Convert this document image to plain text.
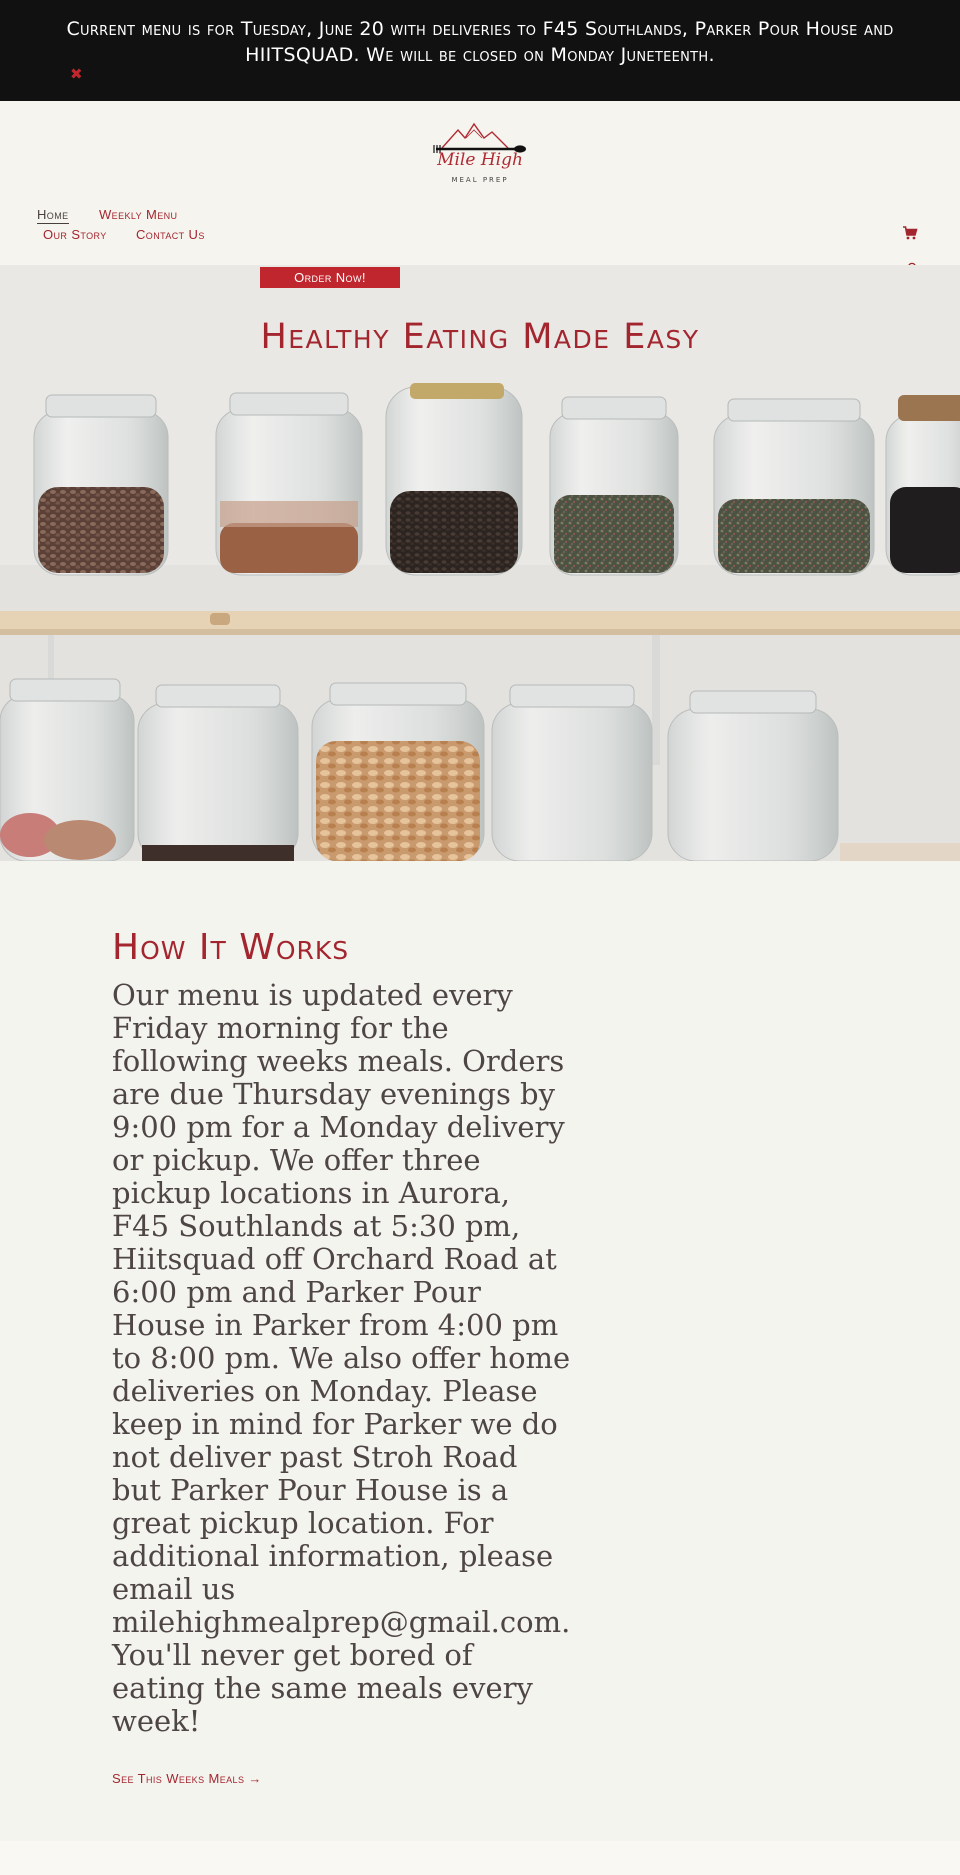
Current menu is for Tuesday, June 20 with deliveries to F45 Southlands, Parker Pour House and HIITSQUAD. We will be closed on Monday Juneteenth.
✖
Mile High
MEAL PREP
Home Weekly Menu
Our Story Contact Us
Order Now!
Healthy Eating Made Easy
How It Works
Our menu is updated every Friday morning for the following weeks meals. Orders are due Thursday evenings by 9:00 pm for a Monday delivery or pickup. We offer three pickup locations in Aurora, F45 Southlands at 5:30 pm, Hiitsquad off Orchard Road at 6:00 pm and Parker Pour House in Parker from 4:00 pm to 8:00 pm. We also offer home deliveries on Monday. Please keep in mind for Parker we do not deliver past Stroh Road but Parker Pour House is a great pickup location. For additional information, please email us milehighmealprep@gmail.com. You'll never get bored of eating the same meals every week!
See This Weeks Meals →
